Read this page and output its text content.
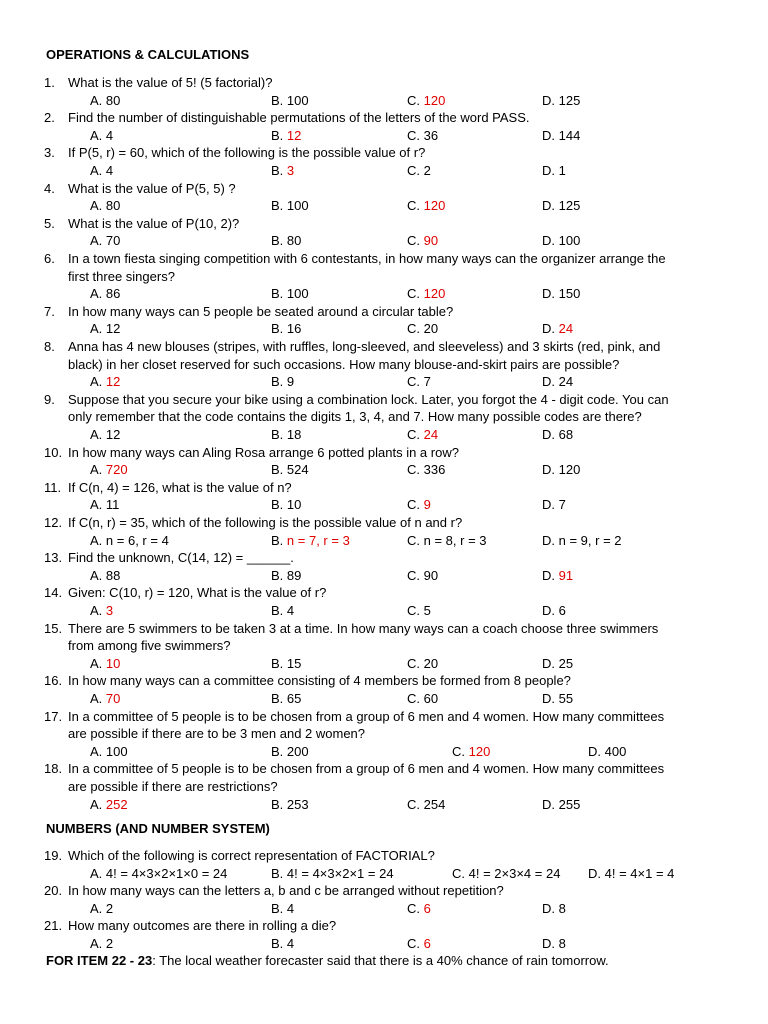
OPERATIONS & CALCULATIONS
1. What is the value of 5! (5 factorial)?
A. 80	B. 100	C. 120	D. 125
2. Find the number of distinguishable permutations of the letters of the word PASS.
A. 4	B. 12	C. 36	D. 144
3. If P(5, r) = 60, which of the following is the possible value of r?
A. 4	B. 3	C. 2	D. 1
4. What is the value of P(5, 5) ?
A. 80	B. 100	C. 120	D. 125
5. What is the value of P(10, 2)?
A. 70	B. 80	C. 90	D. 100
6. In a town fiesta singing competition with 6 contestants, in how many ways can the organizer arrange the
first three singers?
A. 86	B. 100	C. 120	D. 150
7. In how many ways can 5 people be seated around a circular table?
A. 12	B. 16	C. 20	D. 24
8. Anna has 4 new blouses (stripes, with ruffles, long-sleeved, and sleeveless) and 3 skirts (red, pink, and
black) in her closet reserved for such occasions. How many blouse-and-skirt pairs are possible?
A. 12	B. 9	C. 7	D. 24
9. Suppose that you secure your bike using a combination lock. Later, you forgot the 4 - digit code. You can
only remember that the code contains the digits 1, 3, 4, and 7. How many possible codes are there?
A. 12	B. 18	C. 24	D. 68
10. In how many ways can Aling Rosa arrange 6 potted plants in a row?
A. 720	B. 524	C. 336	D. 120
11. If C(n, 4) = 126, what is the value of n?
A. 11	B. 10	C. 9	D. 7
12. If C(n, r) = 35, which of the following is the possible value of n and r?
A. n = 6, r = 4	B. n = 7, r = 3	C. n = 8, r = 3	D. n = 9, r = 2
13. Find the unknown, C(14, 12) = ______.
A. 88	B. 89	C. 90	D. 91
14. Given: C(10, r) = 120, What is the value of r?
A. 3	B. 4	C. 5	D. 6
15. There are 5 swimmers to be taken 3 at a time. In how many ways can a coach choose three swimmers
from among five swimmers?
A. 10	B. 15	C. 20	D. 25
16. In how many ways can a committee consisting of 4 members be formed from 8 people?
A. 70	B. 65	C. 60	D. 55
17. In a committee of 5 people is to be chosen from a group of 6 men and 4 women. How many committees
are possible if there are to be 3 men and 2 women?
A. 100	B. 200	C. 120	D. 400
18. In a committee of 5 people is to be chosen from a group of 6 men and 4 women. How many committees
are possible if there are restrictions?
A. 252	B. 253	C. 254	D. 255
NUMBERS (AND NUMBER SYSTEM)
19. Which of the following is correct representation of FACTORIAL?
A. 4! = 4×3×2×1×0 = 24	B. 4! = 4×3×2×1 = 24	C. 4! = 2×3×4 = 24 D. 4! = 4×1 = 4
20. In how many ways can the letters a, b and c be arranged without repetition?
A. 2	B. 4	C. 6	D. 8
21. How many outcomes are there in rolling a die?
A. 2	B. 4	C. 6	D. 8
FOR ITEM 22 - 23: The local weather forecaster said that there is a 40% chance of rain tomorrow.
